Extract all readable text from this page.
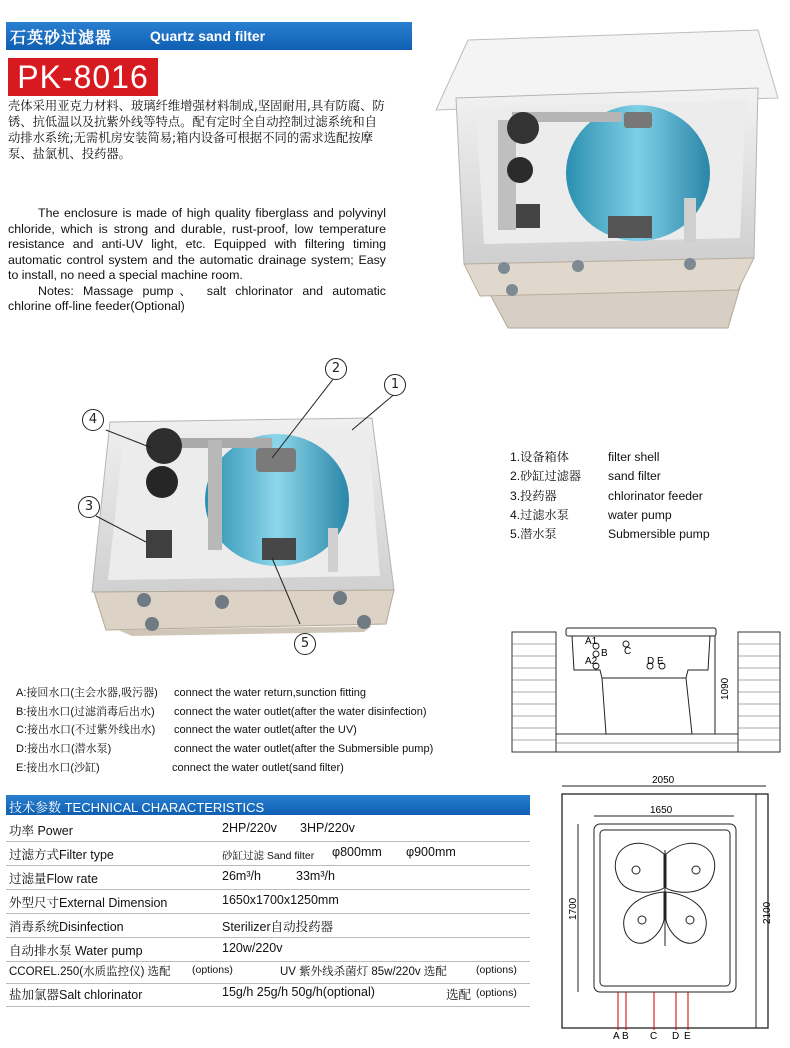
石英砂过滤器	Quartz sand filter
PK-8016
壳体采用亚克力材料、玻璃纤维增强材料制成,坚固耐用,具有防腐、防锈、抗低温以及抗紫外线等特点。配有定时全自动控制过滤系统和自动排水系统;无需机房安装简易;箱内设备可根据不同的需求选配按摩泵、盐氯机、投药器。
The enclosure is made of high quality fiberglass and polyvinyl chloride, which is strong and durable, rust-proof, low temperature resistance and anti-UV light, etc. Equipped with filtering timing automatic control system and the automatic drainage system; Easy to install, no need a special machine room.
Notes: Massage pump、 salt chlorinator and automatic chlorine off-line feeder(Optional)
2
1
4
3
5
1.设备箱体	filter shell
2.砂缸过滤器 sand filter
3.投药器	chlorinator feeder
4.过滤水泵	water pump
5.潜水泵	Submersible pump
A1
B C
A2	D E
1090
2050
1650
1700	2100
A B C D E
A:接回水口(主会水器,吸污器) connect the water return,sunction fitting
B:接出水口(过滤消毒后出水) connect the water outlet(after the water disinfection)
C:接出水口(不过紫外线出水) connect the water outlet(after the UV)
D:接出水口(潜水泵)	connect the water outlet(after the Submersible pump)
E:接出水口(沙缸)	connect the water outlet(sand filter)
技术参数 TECHNICAL CHARACTERISTICS
功率 Power	2HP/220v 3HP/220v
过滤方式Filter type	砂缸过滤 Sand filter φ800mm φ900mm
过滤量Flow rate	26m³/h	33m³/h
外型尺寸External Dimension	1650x1700x1250mm
消毒系统Disinfection	Sterilizer自动投药器
自动排水泵 Water pump	120w/220v
CCOREL.250(水质监控仪) 选配 (options)	UV 紫外线杀菌灯 85w/220v 选配	(options)
盐加氯器Salt chlorinator	15g/h 25g/h 50g/h(optional)	选配 (options)
